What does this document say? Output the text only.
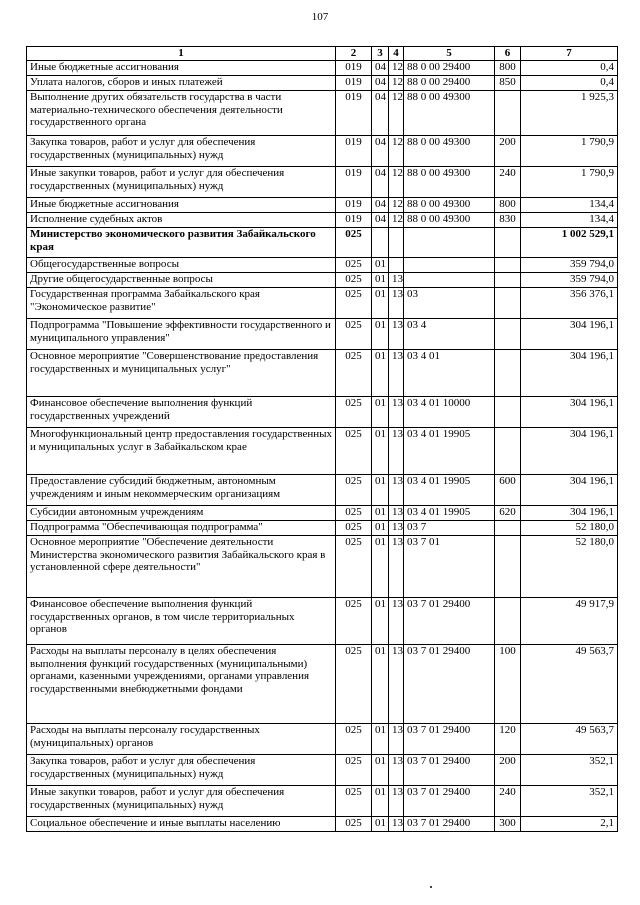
107
1	2	3	4	5	6	7
Иные бюджетные ассигнования	019	04	12	88 0 00 29400	800	0,4
Уплата налогов, сборов и иных платежей	019	04	12	88 0 00 29400	850	0,4
Выполнение других обязательств государства в части материально-технического обеспечения деятельности государственного органа	019	04	12	88 0 00 49300		1 925,3
Закупка товаров, работ и услуг для обеспечения государственных (муниципальных) нужд	019	04	12	88 0 00 49300	200	1 790,9
Иные закупки товаров, работ и услуг для обеспечения государственных (муниципальных) нужд	019	04	12	88 0 00 49300	240	1 790,9
Иные бюджетные ассигнования	019	04	12	88 0 00 49300	800	134,4
Исполнение судебных актов	019	04	12	88 0 00 49300	830	134,4
Министерство экономического развития Забайкальского края	025					1 002 529,1
Общегосударственные вопросы	025	01				359 794,0
Другие общегосударственные вопросы	025	01	13			359 794,0
Государственная программа Забайкальского края "Экономическое развитие"	025	01	13	03		356 376,1
Подпрограмма "Повышение эффективности государственного и муниципального управления"	025	01	13	03 4		304 196,1
Основное мероприятие "Совершенствование предоставления государственных и муниципальных услуг"	025	01	13	03 4 01		304 196,1
Финансовое обеспечение выполнения функций государственных учреждений	025	01	13	03 4 01 10000		304 196,1
Многофункциональный центр предоставления государственных и муниципальных услуг в Забайкальском крае	025	01	13	03 4 01 19905		304 196,1
Предоставление субсидий бюджетным, автономным учреждениям и иным некоммерческим организациям	025	01	13	03 4 01 19905	600	304 196,1
Субсидии автономным учреждениям	025	01	13	03 4 01 19905	620	304 196,1
Подпрограмма "Обеспечивающая подпрограмма"	025	01	13	03 7		52 180,0
Основное мероприятие "Обеспечение деятельности Министерства экономического развития Забайкальского края в установленной сфере деятельности"	025	01	13	03 7 01		52 180,0
Финансовое обеспечение выполнения функций государственных органов, в том числе территориальных органов	025	01	13	03 7 01 29400		49 917,9
Расходы на выплаты персоналу в целях обеспечения выполнения функций государственных (муниципальными) органами, казенными учреждениями, органами управления государственными внебюджетными фондами	025	01	13	03 7 01 29400	100	49 563,7
Расходы на выплаты персоналу государственных (муниципальных) органов	025	01	13	03 7 01 29400	120	49 563,7
Закупка товаров, работ и услуг для обеспечения государственных (муниципальных) нужд	025	01	13	03 7 01 29400	200	352,1
Иные закупки товаров, работ и услуг для обеспечения государственных (муниципальных) нужд	025	01	13	03 7 01 29400	240	352,1
Социальное обеспечение и иные выплаты населению	025	01	13	03 7 01 29400	300	2,1
